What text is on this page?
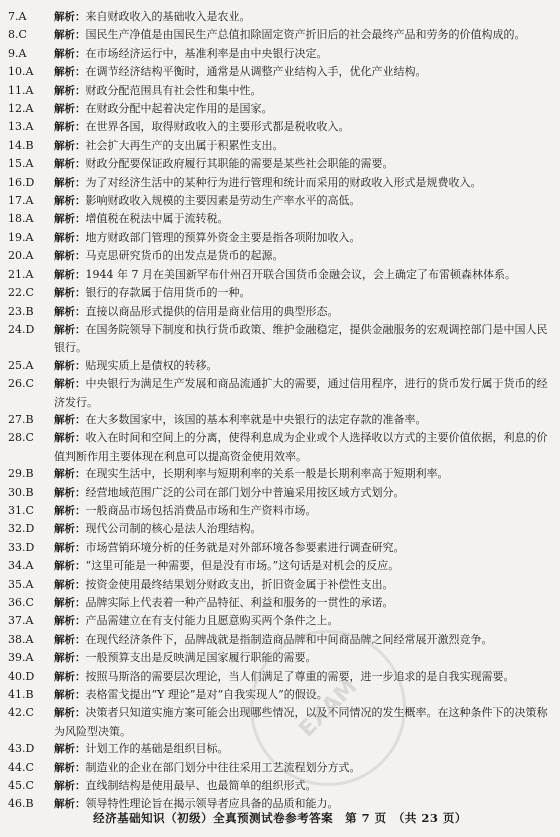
7.A	解析：来自财政收入的基础收入是农业。
8.C	解析：国民生产净值是由国民生产总值扣除固定资产折旧后的社会最终产品和劳务的价值构成的。
9.A	解析：在市场经济运行中，基准利率是由中央银行决定。
10.A	解析：在调节经济结构平衡时，通常是从调整产业结构入手，优化产业结构。
11.A	解析：财政分配范围具有社会性和集中性。
12.A	解析：在财政分配中起着决定作用的是国家。
13.A	解析：在世界各国，取得财政收入的主要形式都是税收收入。
14.B	解析：社会扩大再生产的支出属于积累性支出。
15.A	解析：财政分配要保证政府履行其职能的需要是某些社会职能的需要。
16.D	解析：为了对经济生活中的某种行为进行管理和统计而采用的财政收入形式是规费收入。
17.A	解析：影响财政收入规模的主要因素是劳动生产率水平的高低。
18.A	解析：增值税在税法中属于流转税。
19.A	解析：地方财政部门管理的预算外资金主要是指各项附加收入。
20.A	解析：马克思研究货币的出发点是货币的起源。
21.A	解析：1944 年 7 月在美国新罕布什州召开联合国货币金融会议，会上确定了布雷顿森林体系。
22.C	解析：银行的存款属于信用货币的一种。
23.B	解析：直接以商品形式提供的信用是商业信用的典型形态。
24.D	解析：在国务院领导下制度和执行货币政策、维护金融稳定，提供金融服务的宏观调控部门是中国人民银行。
25.A	解析：贴现实质上是债权的转移。
26.C	解析：中央银行为满足生产发展和商品流通扩大的需要，通过信用程序，进行的货币发行属于货币的经济发行。
27.B	解析：在大多数国家中，该国的基本利率就是中央银行的法定存款的准备率。
28.C	解析：收入在时间和空间上的分离，使得利息成为企业或个人选择收以方式的主要价值依据，利息的价值判断作用主要体现在利息可以提高资金使用效率。
29.B	解析：在现实生活中，长期利率与短期利率的关系一般是长期利率高于短期利率。
30.B	解析：经营地域范围广泛的公司在部门划分中普遍采用按区域方式划分。
31.C	解析：一般商品市场包括消费品市场和生产资料市场。
32.D	解析：现代公司制的核心是法人治理结构。
33.D	解析：市场营销环境分析的任务就是对外部环境各参要素进行调查研究。
34.A	解析：“这里可能是一种需要，但是没有市场。”这句话是对机会的反应。
35.A	解析：按资金使用最终结果划分财政支出，折旧资金属于补偿性支出。
36.C	解析：品牌实际上代表着一种产品特征、利益和服务的一贯性的承诺。
37.A	解析：产品需建立在有支付能力且愿意购买两个条件之上。
38.A	解析：在现代经济条件下，品牌战就是指制造商品牌和中间商品牌之间经常展开激烈竞争。
39.A	解析：一般预算支出是反映满足国家履行职能的需要。
40.D	解析：按照马斯洛的需要层次理论，当人们满足了尊重的需要，进一步追求的是自我实现需要。
41.B	解析：表格雷戈提出“Y 理论”是对“自我实现人”的假设。
42.C	解析：决策者只知道实施方案可能会出现哪些情况，以及不同情况的发生概率。在这种条件下的决策称为风险型决策。
43.D	解析：计划工作的基础是组织目标。
44.C	解析：制造业的企业在部门划分中往往采用工艺流程划分方式。
45.C	解析：直线制结构是使用最早、也最简单的组织形式。
46.B	解析：领导特性理论旨在揭示领导者应具备的品质和能力。
EXAM
经济基础知识（初级）全真预测试卷参考答案　第 7 页　（共 23 页）
